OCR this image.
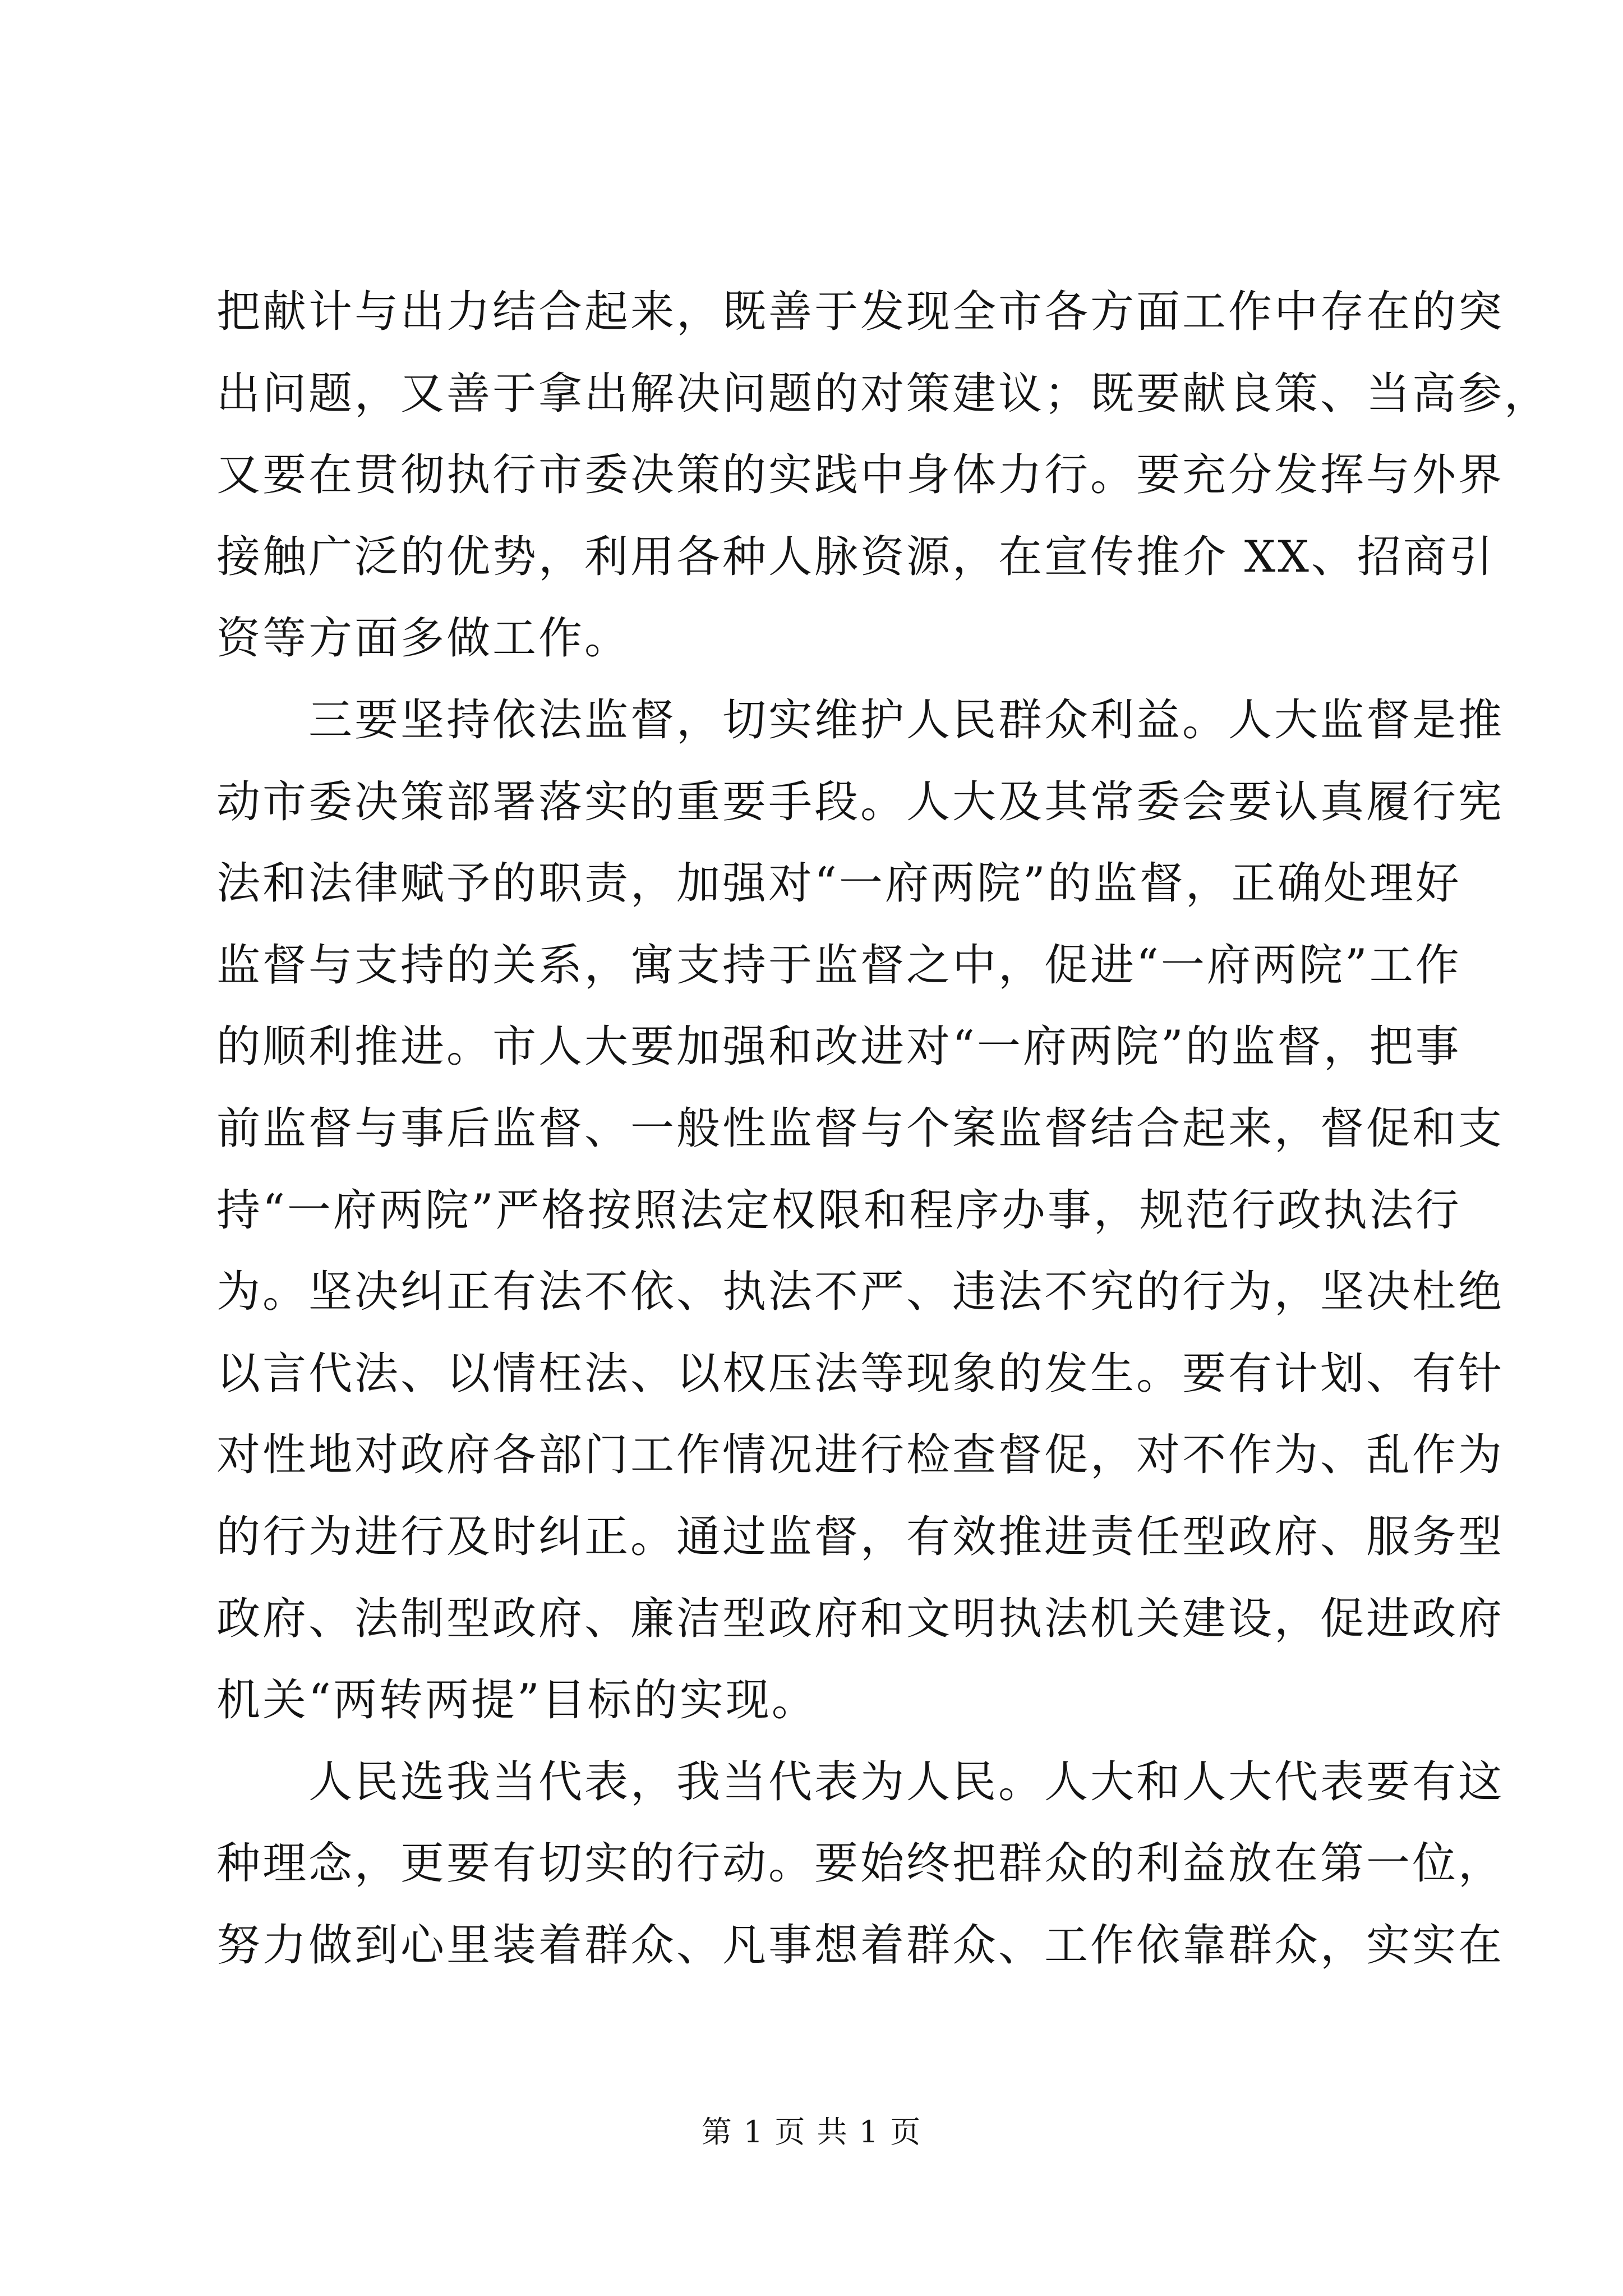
把献计与出力结合起来，既善于发现全市各方面工作中存在的突
出问题，又善于拿出解决问题的对策建议；既要献良策、当高参，
又要在贯彻执行市委决策的实践中身体力行。要充分发挥与外界
接触广泛的优势，利用各种人脉资源，在宣传推介 XX、招商引
资等方面多做工作。
　　三要坚持依法监督，切实维护人民群众利益。人大监督是推
动市委决策部署落实的重要手段。人大及其常委会要认真履行宪
法和法律赋予的职责，加强对“一府两院”的监督，正确处理好
监督与支持的关系，寓支持于监督之中，促进“一府两院”工作
的顺利推进。市人大要加强和改进对“一府两院”的监督，把事
前监督与事后监督、一般性监督与个案监督结合起来，督促和支
持“一府两院”严格按照法定权限和程序办事，规范行政执法行
为。坚决纠正有法不依、执法不严、违法不究的行为，坚决杜绝
以言代法、以情枉法、以权压法等现象的发生。要有计划、有针
对性地对政府各部门工作情况进行检查督促，对不作为、乱作为
的行为进行及时纠正。通过监督，有效推进责任型政府、服务型
政府、法制型政府、廉洁型政府和文明执法机关建设，促进政府
机关“两转两提”目标的实现。
　　人民选我当代表，我当代表为人民。人大和人大代表要有这
种理念，更要有切实的行动。要始终把群众的利益放在第一位，
努力做到心里装着群众、凡事想着群众、工作依靠群众，实实在
第 1 页 共 1 页
